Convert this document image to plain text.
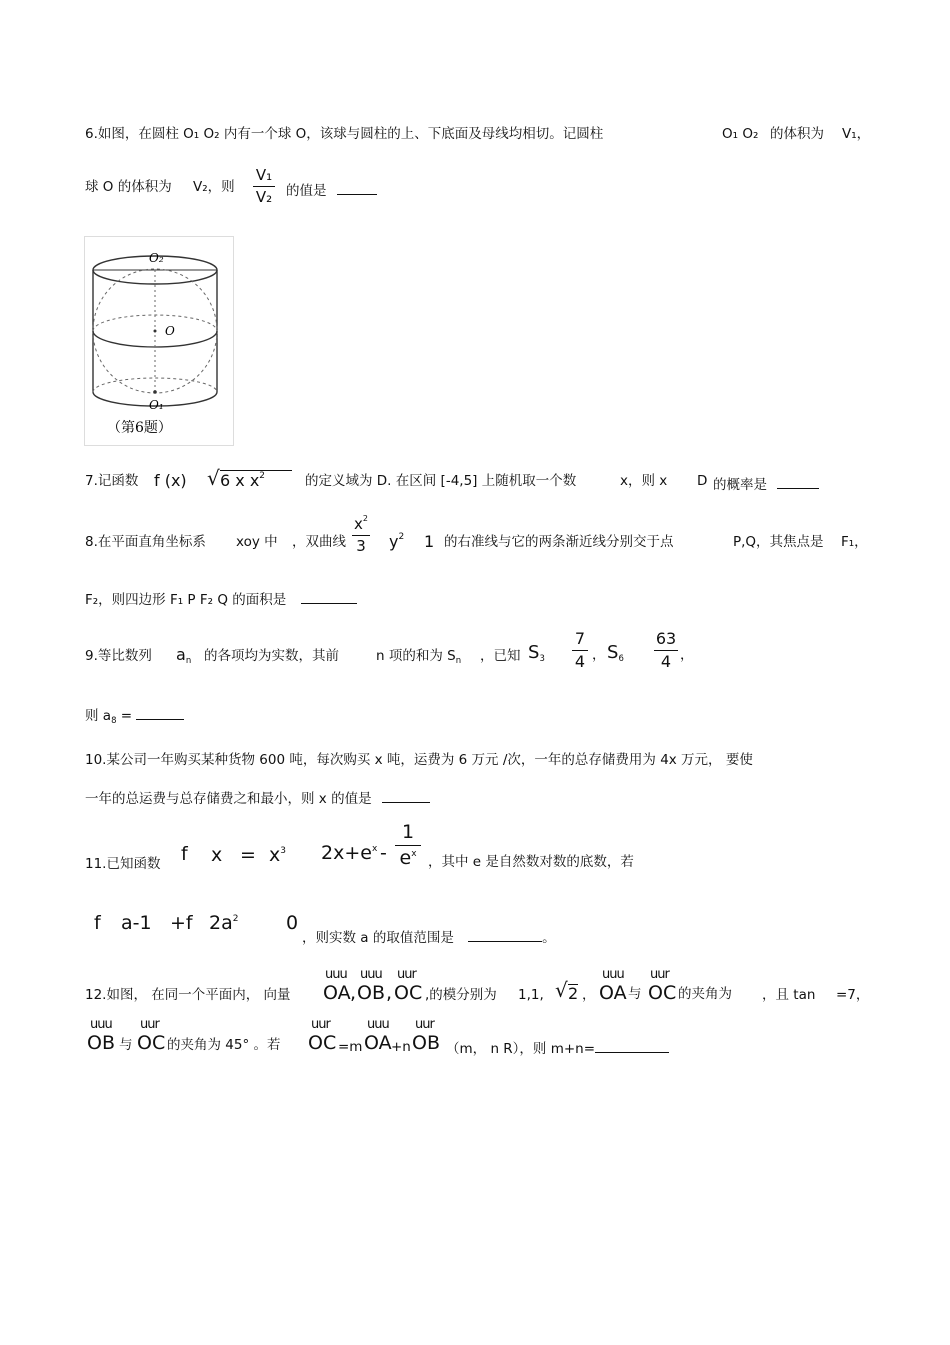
6.如图，在圆柱 O₁ O₂ 内有一个球 O，该球与圆柱的上、下底面及母线均相切。记圆柱	O₁ O₂ 的体积为 V₁，
球 O 的体积为 V₂，则
V₁
V₂ 的值是
O₂
O
O₁
（第6题）
7.记函数 f (x) √ 6 x $x^2$	的定义域为 D. 在区间 [-4,5] 上随机取一个数	x，则 x D 的概率是
8.在平面直角坐标系 xoy 中 ，双曲线
$x^2$
3 $y^2$ 1 的右准线与它的两条渐近线分别交于点	P,Q，其焦点是 F₁，
F₂，则四边形 F₁ P F₂ Q 的面积是
9.等比数列 an 的各项均为实数，其前	n 项的和为 $S_n$ ，已知 S3
7
4 ， S6
63
4 ，
则 $a_8$ =
10.某公司一年购买某种货物 600 吨，每次购买 x 吨，运费为 6 万元 /次，一年的总存储费用为 4x 万元， 要使
一年的总运费与总存储费之和最小，则 x 的值是
11.已知函数 f $x = x^3$ $2x+e^x$ -
1
$e^x$ ，其中 e 是自然数对数的底数，若
f a-1 +f $2a^2$	0
，则实数 a 的取值范围是	。
uuu uuu uur	uuu uur
12.如图， 在同一个平面内， 向量 OA , OB , OC ,的模分别为 1,1, √ 2 ， OA 与 OC 的夹角为 ，且 tan =7，
uuu uur	uur	uuu uur
OB 与 OC 的夹角为 45° 。若 OC =m OA +n OB （m， n R），则 m+n=
